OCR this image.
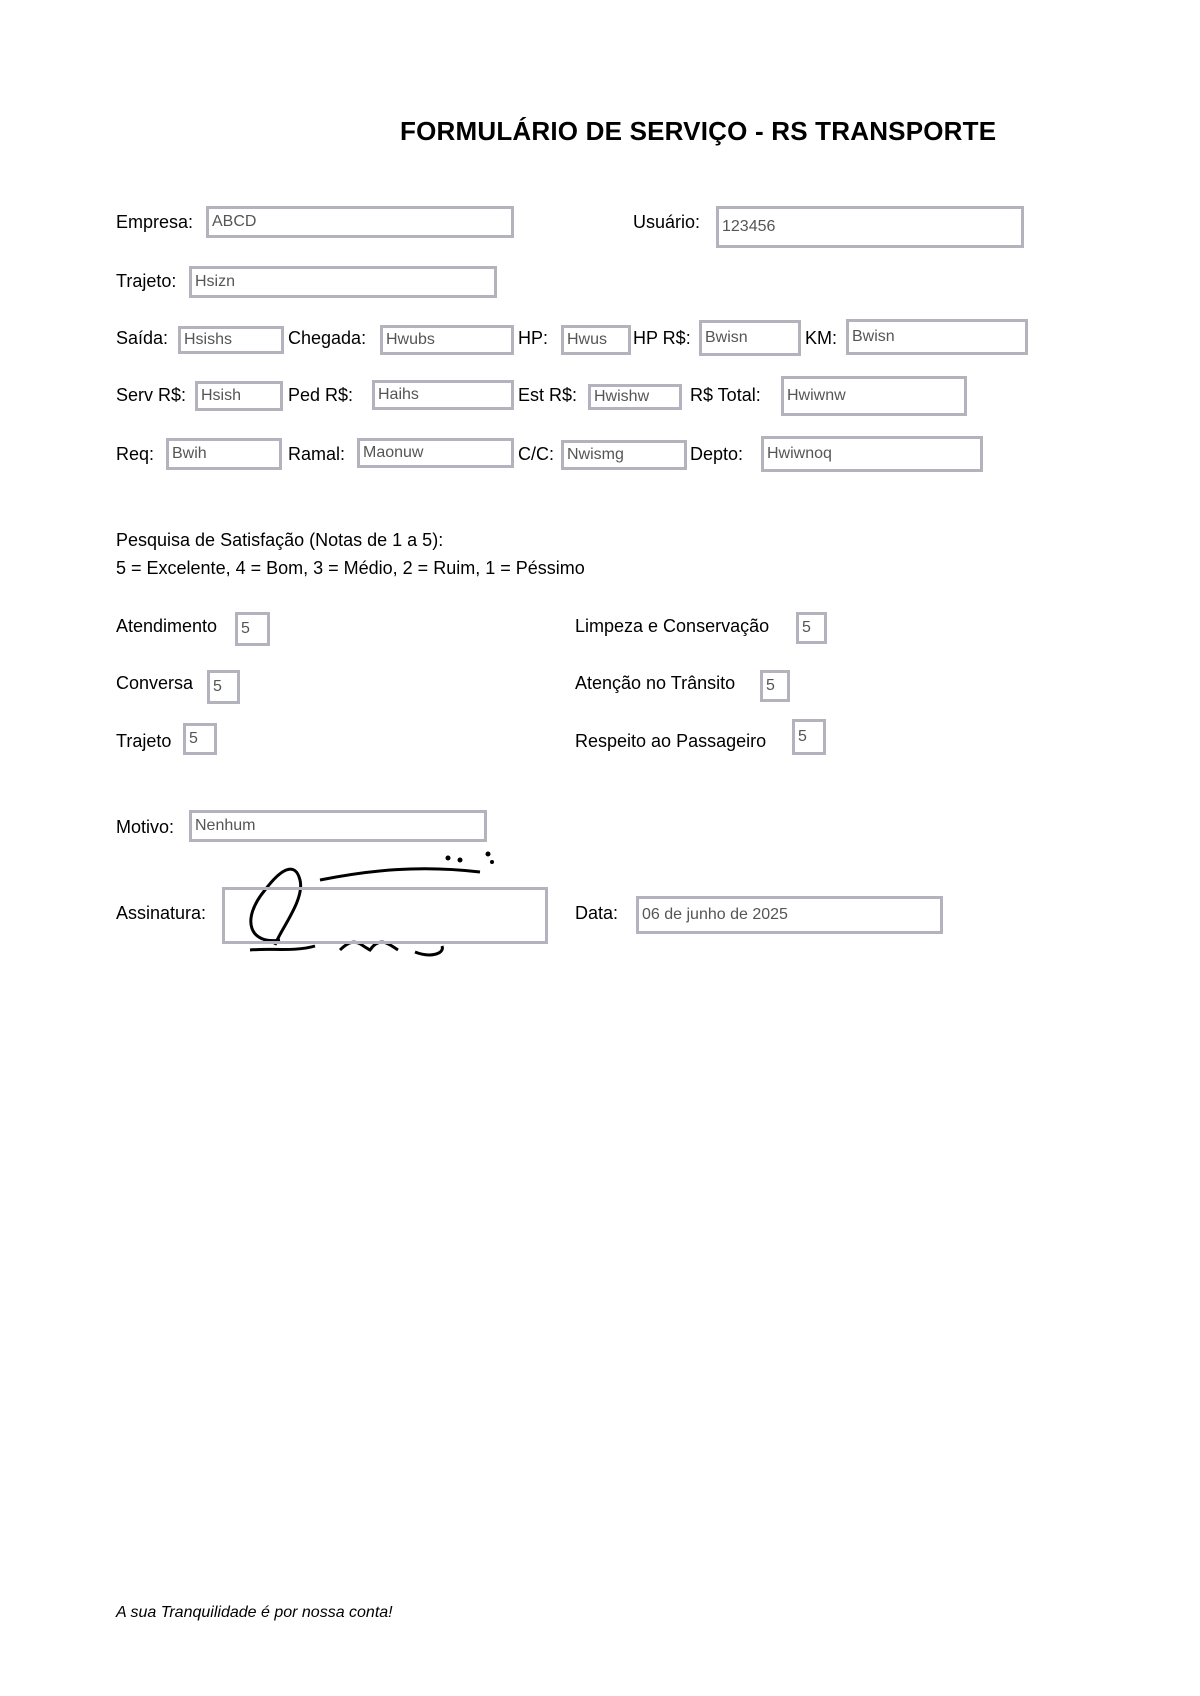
FORMULÁRIO DE SERVIÇO - RS TRANSPORTE
Empresa:	ABCD	Usuário:	123456
Trajeto:	Hsizn
Saída: Hsishs	Chegada:	Hwubs	HP:	Hwus	HP R$: Bwisn	KM: Bwisn
Serv R$: Hsish	Ped R$:	Haihs	Est R$:	Hwishw	R$ Total:	Hwiwnw
Req:	Bwih	Ramal:	Maonuw	C/C: Nwismg	Depto:	Hwiwnoq
Pesquisa de Satisfação (Notas de 1 a 5):
5 = Excelente, 4 = Bom, 3 = Médio, 2 = Ruim, 1 = Péssimo
Atendimento	5	Limpeza e Conservação	5
Conversa	5	Atenção no Trânsito	5
Trajeto	5	Respeito ao Passageiro	5
Motivo:	Nenhum
Assinatura:	Data:	06 de junho de 2025
A sua Tranquilidade é por nossa conta!
